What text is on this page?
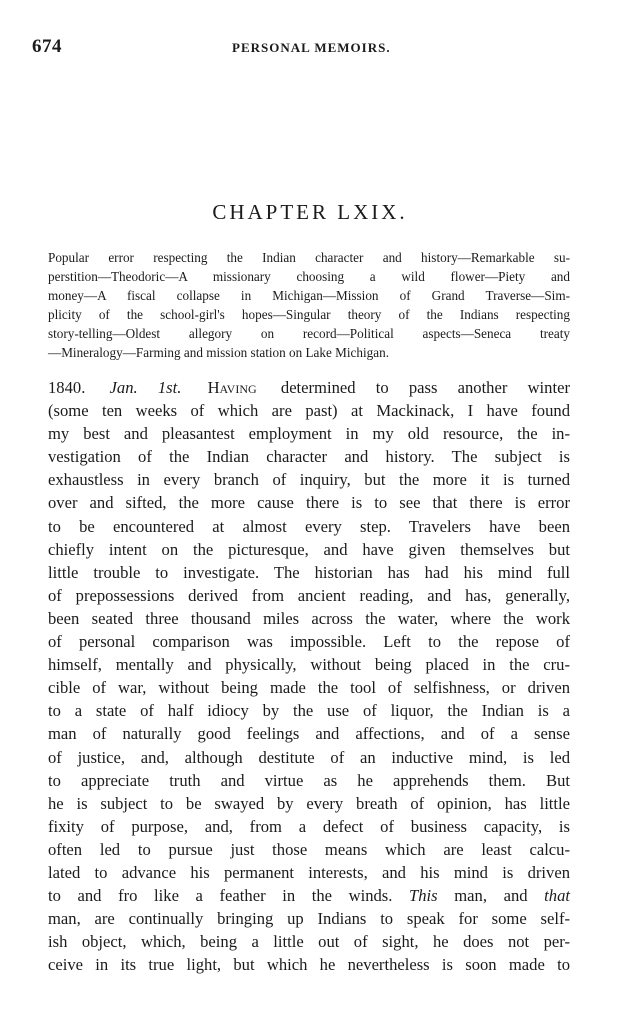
674	PERSONAL MEMOIRS.
CHAPTER LXIX.
Popular error respecting the Indian character and history—Remarkable su-
perstition—Theodoric—A missionary choosing a wild flower—Piety and
money—A fiscal collapse in Michigan—Mission of Grand Traverse—Sim-
plicity of the school-girl's hopes—Singular theory of the Indians respecting
story-telling—Oldest allegory on record—Political aspects—Seneca treaty
—Mineralogy—Farming and mission station on Lake Michigan.
1840. Jan. 1st. Having determined to pass another winter
(some ten weeks of which are past) at Mackinack, I have found
my best and pleasantest employment in my old resource, the in-
vestigation of the Indian character and history. The subject is
exhaustless in every branch of inquiry, but the more it is turned
over and sifted, the more cause there is to see that there is error
to be encountered at almost every step. Travelers have been
chiefly intent on the picturesque, and have given themselves but
little trouble to investigate. The historian has had his mind full
of prepossessions derived from ancient reading, and has, generally,
been seated three thousand miles across the water, where the work
of personal comparison was impossible. Left to the repose of
himself, mentally and physically, without being placed in the cru-
cible of war, without being made the tool of selfishness, or driven
to a state of half idiocy by the use of liquor, the Indian is a
man of naturally good feelings and affections, and of a sense
of justice, and, although destitute of an inductive mind, is led
to appreciate truth and virtue as he apprehends them. But
he is subject to be swayed by every breath of opinion, has little
fixity of purpose, and, from a defect of business capacity, is
often led to pursue just those means which are least calcu-
lated to advance his permanent interests, and his mind is driven
to and fro like a feather in the winds. This man, and that
man, are continually bringing up Indians to speak for some self-
ish object, which, being a little out of sight, he does not per-
ceive in its true light, but which he nevertheless is soon made to
